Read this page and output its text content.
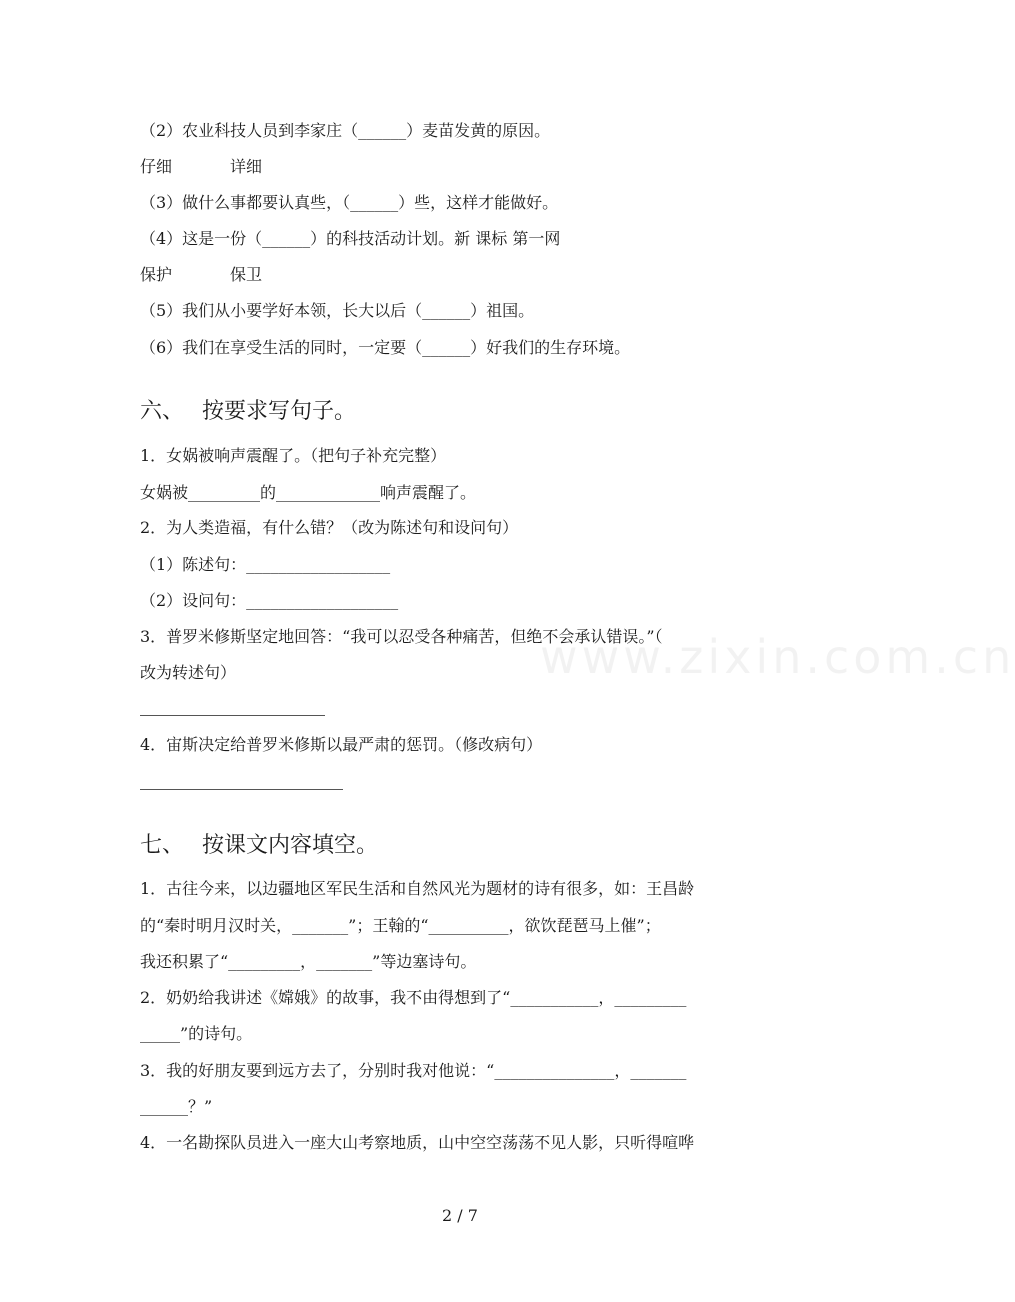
（2）农业科技人员到李家庄（______）麦苗发黄的原因。
仔细	详细
（3）做什么事都要认真些，（______）些，这样才能做好。
（4）这是一份（______）的科技活动计划。新 课标 第一网
保护	保卫
（5）我们从小要学好本领，长大以后（______）祖国。
（6）我们在享受生活的同时，一定要（______）好我们的生存环境。
六、 按要求写句子。
1．女娲被响声震醒了。（把句子补充完整）
女娲被_________的_____________响声震醒了。
2．为人类造福，有什么错？（改为陈述句和设问句）
（1）陈述句：__________________
（2）设问句：___________________
3．普罗米修斯坚定地回答：“我可以忍受各种痛苦，但绝不会承认错误。”（
改为转述句）
4．宙斯决定给普罗米修斯以最严肃的惩罚。（修改病句）
七、 按课文内容填空。
1．古往今来，以边疆地区军民生活和自然风光为题材的诗有很多，如：王昌龄
的“秦时明月汉时关，_______”；王翰的“__________，欲饮琵琶马上催”；
我还积累了“_________，_______”等边塞诗句。
2．奶奶给我讲述《嫦娥》的故事，我不由得想到了“___________，_________
_____”的诗句。
3．我的好朋友要到远方去了，分别时我对他说：“_______________，_______
______？”
4．一名勘探队员进入一座大山考察地质，山中空空荡荡不见人影，只听得喧哗
www.zixin.com.cn
2 / 7
